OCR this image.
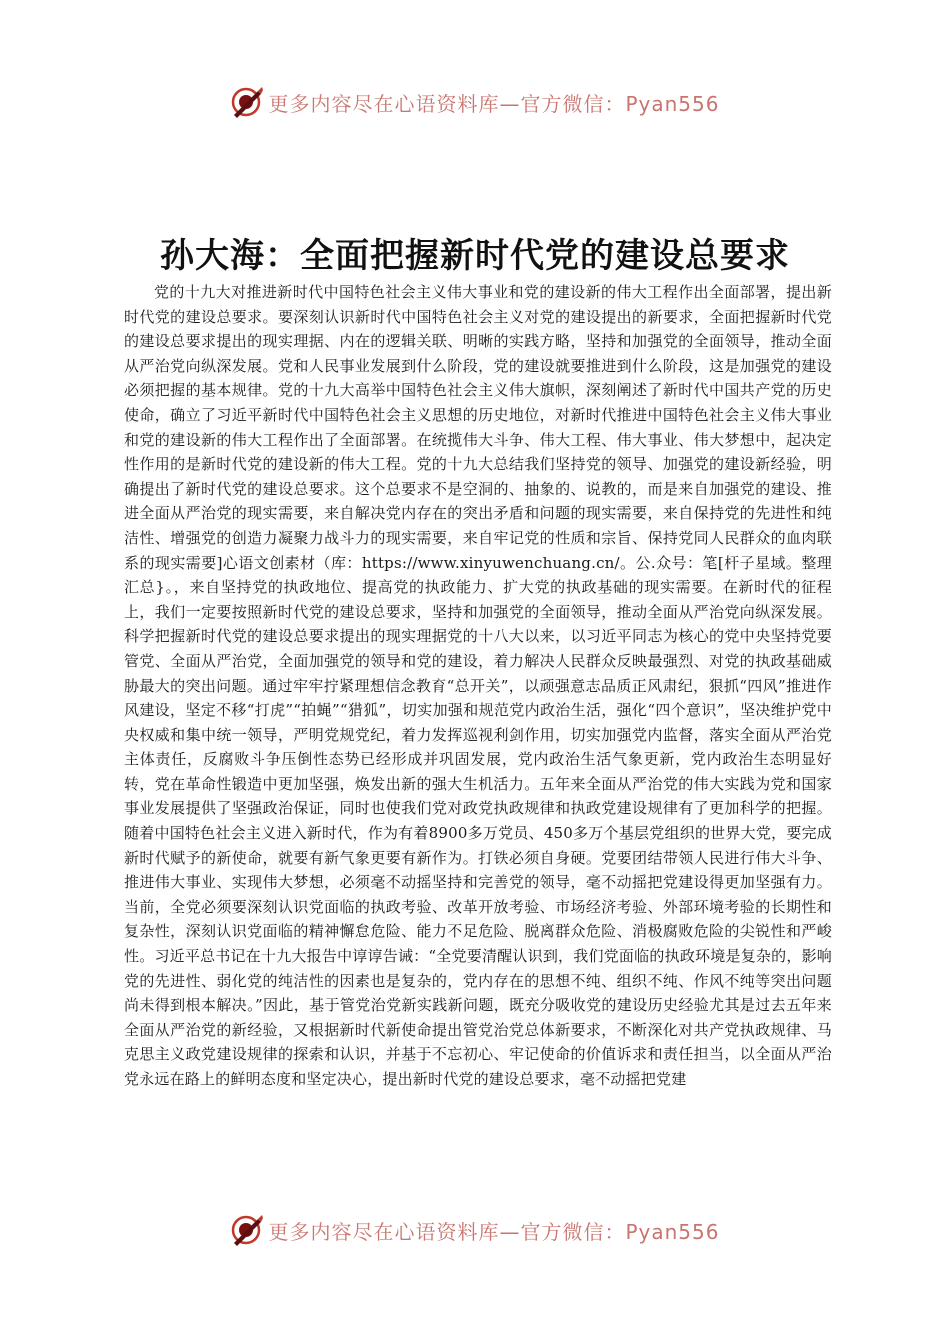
更多内容尽在心语资料库—官方微信：Pyan556
孙大海：全面把握新时代党的建设总要求

党的十九大对推进新时代中国特色社会主义伟大事业和党的建设新的伟大工程作出全面部署，提出新时代党的建设总要求。要深刻认识新时代中国特色社会主义对党的建设提出的新要求，全面把握新时代党的建设总要求提出的现实理据、内在的逻辑关联、明晰的实践方略，坚持和加强党的全面领导，推动全面从严治党向纵深发展。党和人民事业发展到什么阶段，党的建设就要推进到什么阶段，这是加强党的建设必须把握的基本规律。党的十九大高举中国特色社会主义伟大旗帜，深刻阐述了新时代中国共产党的历史使命，确立了习近平新时代中国特色社会主义思想的历史地位，对新时代推进中国特色社会主义伟大事业和党的建设新的伟大工程作出了全面部署。在统揽伟大斗争、伟大工程、伟大事业、伟大梦想中，起决定性作用的是新时代党的建设新的伟大工程。党的十九大总结我们坚持党的领导、加强党的建设新经验，明确提出了新时代党的建设总要求。这个总要求不是空洞的、抽象的、说教的，而是来自加强党的建设、推进全面从严治党的现实需要，来自解决党内存在的突出矛盾和问题的现实需要，来自保持党的先进性和纯洁性、增强党的创造力凝聚力战斗力的现实需要，来自牢记党的性质和宗旨、保持党同人民群众的血肉联系的现实需要]心语文创素材（库：https://www.xinyuwenchuang.cn/。公.众号：笔[杆子星域。整理汇总}。，来自坚持党的执政地位、提高党的执政能力、扩大党的执政基础的现实需要。在新时代的征程上，我们一定要按照新时代党的建设总要求，坚持和加强党的全面领导，推动全面从严治党向纵深发展。科学把握新时代党的建设总要求提出的现实理据党的十八大以来，以习近平同志为核心的党中央坚持党要管党、全面从严治党，全面加强党的领导和党的建设，着力解决人民群众反映最强烈、对党的执政基础威胁最大的突出问题。通过牢牢拧紧理想信念教育“总开关”，以顽强意志品质正风肃纪，狠抓“四风”推进作风建设，坚定不移“打虎”“拍蝇”“猎狐”，切实加强和规范党内政治生活，强化“四个意识”，坚决维护党中央权威和集中统一领导，严明党规党纪，着力发挥巡视利剑作用，切实加强党内监督，落实全面从严治党主体责任，反腐败斗争压倒性态势已经形成并巩固发展，党内政治生活气象更新，党内政治生态明显好转，党在革命性锻造中更加坚强，焕发出新的强大生机活力。五年来全面从严治党的伟大实践为党和国家事业发展提供了坚强政治保证，同时也使我们党对政党执政规律和执政党建设规律有了更加科学的把握。随着中国特色社会主义进入新时代，作为有着8900多万党员、450多万个基层党组织的世界大党，要完成新时代赋予的新使命，就要有新气象更要有新作为。打铁必须自身硬。党要团结带领人民进行伟大斗争、推进伟大事业、实现伟大梦想，必须毫不动摇坚持和完善党的领导，毫不动摇把党建设得更加坚强有力。当前，全党必须要深刻认识党面临的执政考验、改革开放考验、市场经济考验、外部环境考验的长期性和复杂性，深刻认识党面临的精神懈怠危险、能力不足危险、脱离群众危险、消极腐败危险的尖锐性和严峻性。习近平总书记在十九大报告中谆谆告诫：“全党要清醒认识到，我们党面临的执政环境是复杂的，影响党的先进性、弱化党的纯洁性的因素也是复杂的，党内存在的思想不纯、组织不纯、作风不纯等突出问题尚未得到根本解决。”因此，基于管党治党新实践新问题，既充分吸收党的建设历史经验尤其是过去五年来全面从严治党的新经验，又根据新时代新使命提出管党治党总体新要求，不断深化对共产党执政规律、马克思主义政党建设规律的探索和认识，并基于不忘初心、牢记使命的价值诉求和责任担当，以全面从严治党永远在路上的鲜明态度和坚定决心，提出新时代党的建设总要求，毫不动摇把党建

更多内容尽在心语资料库—官方微信：Pyan556
